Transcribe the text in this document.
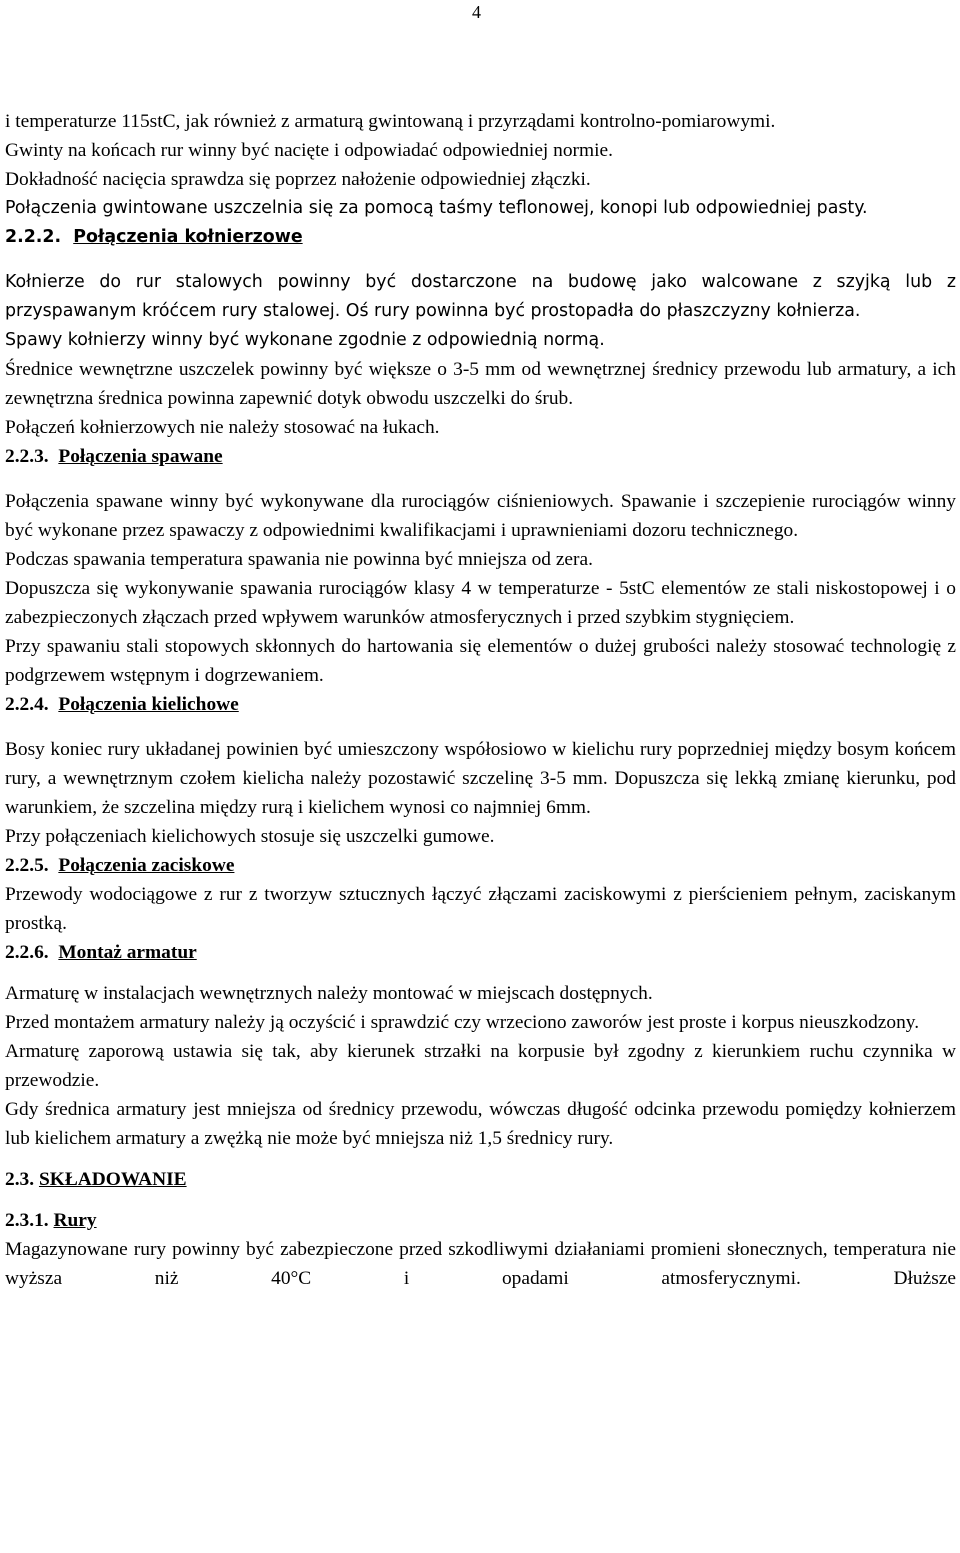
4

i temperaturze 115stC, jak również z armaturą gwintowaną i przyrządami kontrolno-pomiarowymi.

Gwinty na końcach rur winny być nacięte i odpowiadać odpowiedniej normie.

Dokładność nacięcia sprawdza się poprzez nałożenie odpowiedniej złączki.

Połączenia gwintowane uszczelnia się za pomocą taśmy teflonowej, konopi lub odpowiedniej pasty.

2.2.2. Połączenia kołnierzowe

Kołnierze do rur stalowych powinny być dostarczone na budowę jako walcowane z szyjką lub z przyspawanym króćcem rury stalowej. Oś rury powinna być prostopadła do płaszczyzny kołnierza.

Spawy kołnierzy winny być wykonane zgodnie z odpowiednią normą.

Średnice wewnętrzne uszczelek powinny być większe o 3-5 mm od wewnętrznej średnicy przewodu lub armatury, a ich zewnętrzna średnica powinna zapewnić dotyk obwodu uszczelki do śrub.

Połączeń kołnierzowych nie należy stosować na łukach.

2.2.3. Połączenia spawane

Połączenia spawane winny być wykonywane dla rurociągów ciśnieniowych. Spawanie i szczepienie rurociągów winny być wykonane przez spawaczy z odpowiednimi kwalifikacjami i uprawnieniami dozoru technicznego.

Podczas spawania temperatura spawania nie powinna być mniejsza od zera.

Dopuszcza się wykonywanie spawania rurociągów klasy 4 w temperaturze - 5stC elementów ze stali niskostopowej i o zabezpieczonych złączach przed wpływem warunków atmosferycznych i przed szybkim stygnięciem.

Przy spawaniu stali stopowych skłonnych do hartowania się elementów o dużej grubości należy stosować technologię z podgrzewem wstępnym i dogrzewaniem.

2.2.4. Połączenia kielichowe

Bosy koniec rury układanej powinien być umieszczony współosiowo w kielichu rury poprzedniej między bosym końcem rury, a wewnętrznym czołem kielicha należy pozostawić szczelinę 3-5 mm. Dopuszcza się lekką zmianę kierunku, pod warunkiem, że szczelina między rurą i kielichem wynosi co najmniej 6mm.

Przy połączeniach kielichowych stosuje się uszczelki gumowe.

2.2.5. Połączenia zaciskowe

Przewody wodociągowe z rur z tworzyw sztucznych łączyć złączami zaciskowymi z pierścieniem pełnym, zaciskanym prostką.

2.2.6. Montaż armatur

Armaturę w instalacjach wewnętrznych należy montować w miejscach dostępnych.

Przed montażem armatury należy ją oczyścić i sprawdzić czy wrzeciono zaworów jest proste i korpus nieuszkodzony.

Armaturę zaporową ustawia się tak, aby kierunek strzałki na korpusie był zgodny z kierunkiem ruchu czynnika w przewodzie.

Gdy średnica armatury jest mniejsza od średnicy przewodu, wówczas długość odcinka przewodu pomiędzy kołnierzem lub kielichem armatury a zwężką nie może być mniejsza niż 1,5 średnicy rury.

2.3. SKŁADOWANIE

2.3.1. Rury

Magazynowane rury powinny być zabezpieczone przed szkodliwymi działaniami promieni słonecznych, temperatura nie wyższa niż 40°C i opadami atmosferycznymi. Dłuższe
